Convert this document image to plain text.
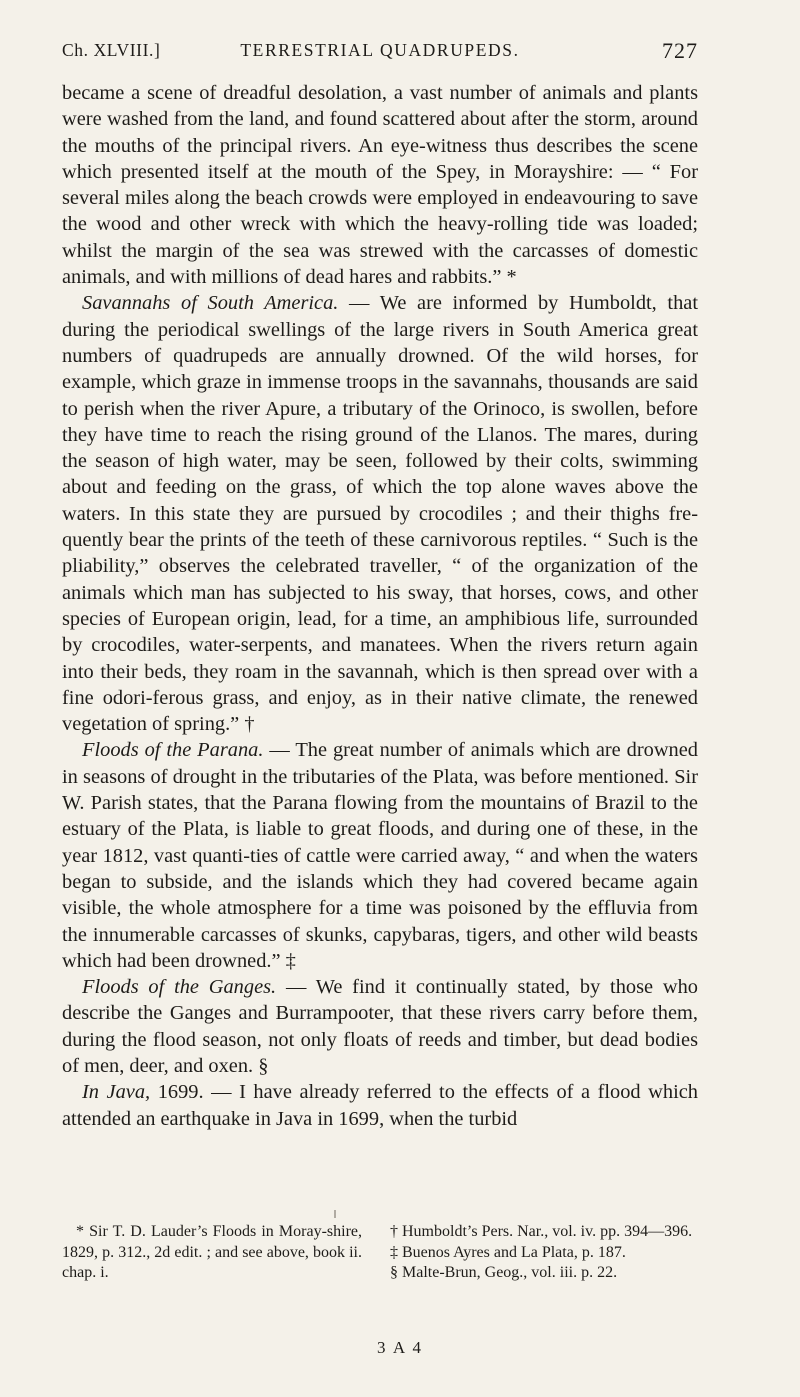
Ch. XLVIII.]	TERRESTRIAL QUADRUPEDS.	727

became a scene of dreadful desolation, a vast number of animals and plants were washed from the land, and found scattered about after the storm, around the mouths of the principal rivers. An eye-witness thus describes the scene which presented itself at the mouth of the Spey, in Morayshire: — “ For several miles along the beach crowds were employed in endeavouring to save the wood and other wreck with which the heavy-rolling tide was loaded; whilst the margin of the sea was strewed with the carcasses of domestic animals, and with millions of dead hares and rabbits.” *

Savannahs of South America. — We are informed by Humboldt, that during the periodical swellings of the large rivers in South America great numbers of quadrupeds are annually drowned. Of the wild horses, for example, which graze in immense troops in the savannahs, thousands are said to perish when the river Apure, a tributary of the Orinoco, is swollen, before they have time to reach the rising ground of the Llanos. The mares, during the season of high water, may be seen, followed by their colts, swimming about and feeding on the grass, of which the top alone waves above the waters. In this state they are pursued by crocodiles ; and their thighs fre-quently bear the prints of the teeth of these carnivorous reptiles. “ Such is the pliability,” observes the celebrated traveller, “ of the organization of the animals which man has subjected to his sway, that horses, cows, and other species of European origin, lead, for a time, an amphibious life, surrounded by crocodiles, water-serpents, and manatees. When the rivers return again into their beds, they roam in the savannah, which is then spread over with a fine odori-ferous grass, and enjoy, as in their native climate, the renewed vegetation of spring.” †

Floods of the Parana. — The great number of animals which are drowned in seasons of drought in the tributaries of the Plata, was before mentioned. Sir W. Parish states, that the Parana flowing from the mountains of Brazil to the estuary of the Plata, is liable to great floods, and during one of these, in the year 1812, vast quanti-ties of cattle were carried away, “ and when the waters began to subside, and the islands which they had covered became again visible, the whole atmosphere for a time was poisoned by the effluvia from the innumerable carcasses of skunks, capybaras, tigers, and other wild beasts which had been drowned.” ‡

Floods of the Ganges. — We find it continually stated, by those who describe the Ganges and Burrampooter, that these rivers carry before them, during the flood season, not only floats of reeds and timber, but dead bodies of men, deer, and oxen. §

In Java, 1699. — I have already referred to the effects of a flood which attended an earthquake in Java in 1699, when the turbid

* Sir T. D. Lauder’s Floods in Moray-shire, 1829, p. 312., 2d edit. ; and see above, book ii. chap. i.

† Humboldt’s Pers. Nar., vol. iv. pp. 394—396.

‡ Buenos Ayres and La Plata, p. 187.

§ Malte-Brun, Geog., vol. iii. p. 22.

3 A 4
